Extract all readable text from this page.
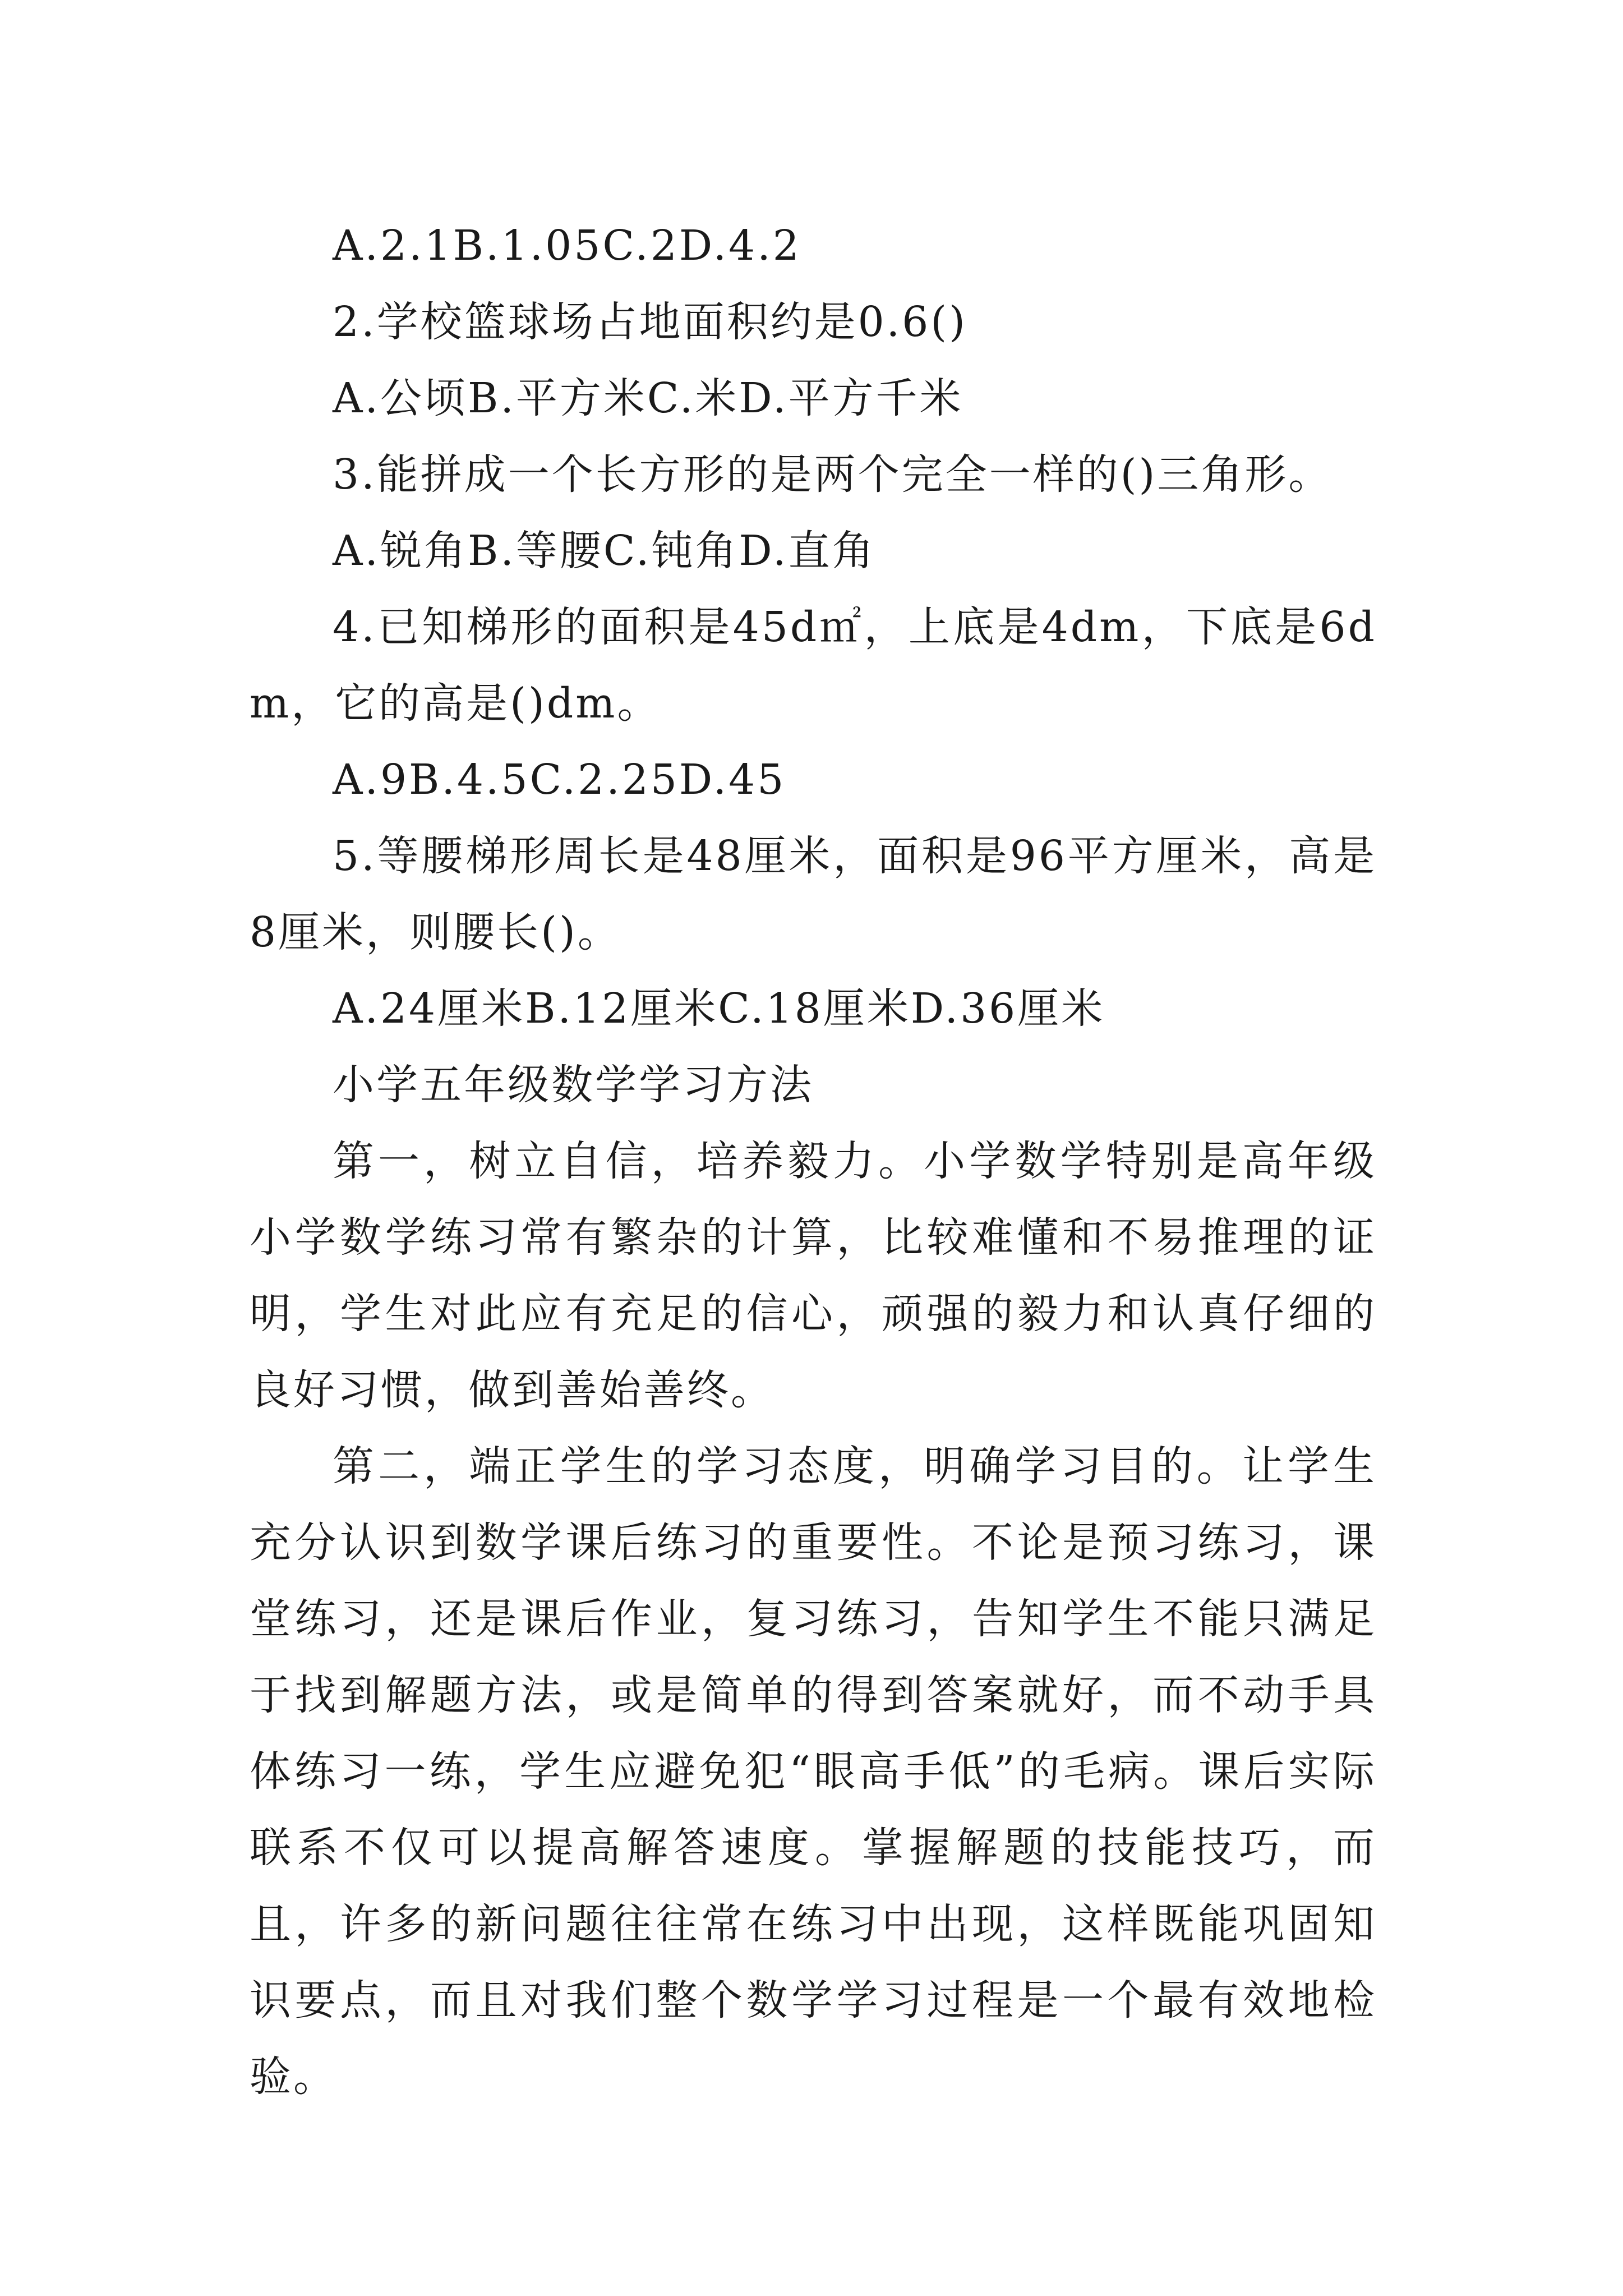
A.2.1B.1.05C.2D.4.2

2.学校篮球场占地面积约是0.6()

A.公顷B.平方米C.米D.平方千米

3.能拼成一个长方形的是两个完全一样的()三角形。

A.锐角B.等腰C.钝角D.直角

4.已知梯形的面积是45d㎡，上底是4dm，下底是6dm，它的高是()dm。

A.9B.4.5C.2.25D.45

5.等腰梯形周长是48厘米，面积是96平方厘米，高是8厘米，则腰长()。

A.24厘米B.12厘米C.18厘米D.36厘米

小学五年级数学学习方法

第一，树立自信，培养毅力。小学数学特别是高年级小学数学练习常有繁杂的计算，比较难懂和不易推理的证明，学生对此应有充足的信心，顽强的毅力和认真仔细的良好习惯，做到善始善终。

第二，端正学生的学习态度，明确学习目的。让学生充分认识到数学课后练习的重要性。不论是预习练习，课堂练习，还是课后作业，复习练习，告知学生不能只满足于找到解题方法，或是简单的得到答案就好，而不动手具体练习一练，学生应避免犯“眼高手低”的毛病。课后实际联系不仅可以提高解答速度。掌握解题的技能技巧，而且，许多的新问题往往常在练习中出现，这样既能巩固知识要点，而且对我们整个数学学习过程是一个最有效地检验。
